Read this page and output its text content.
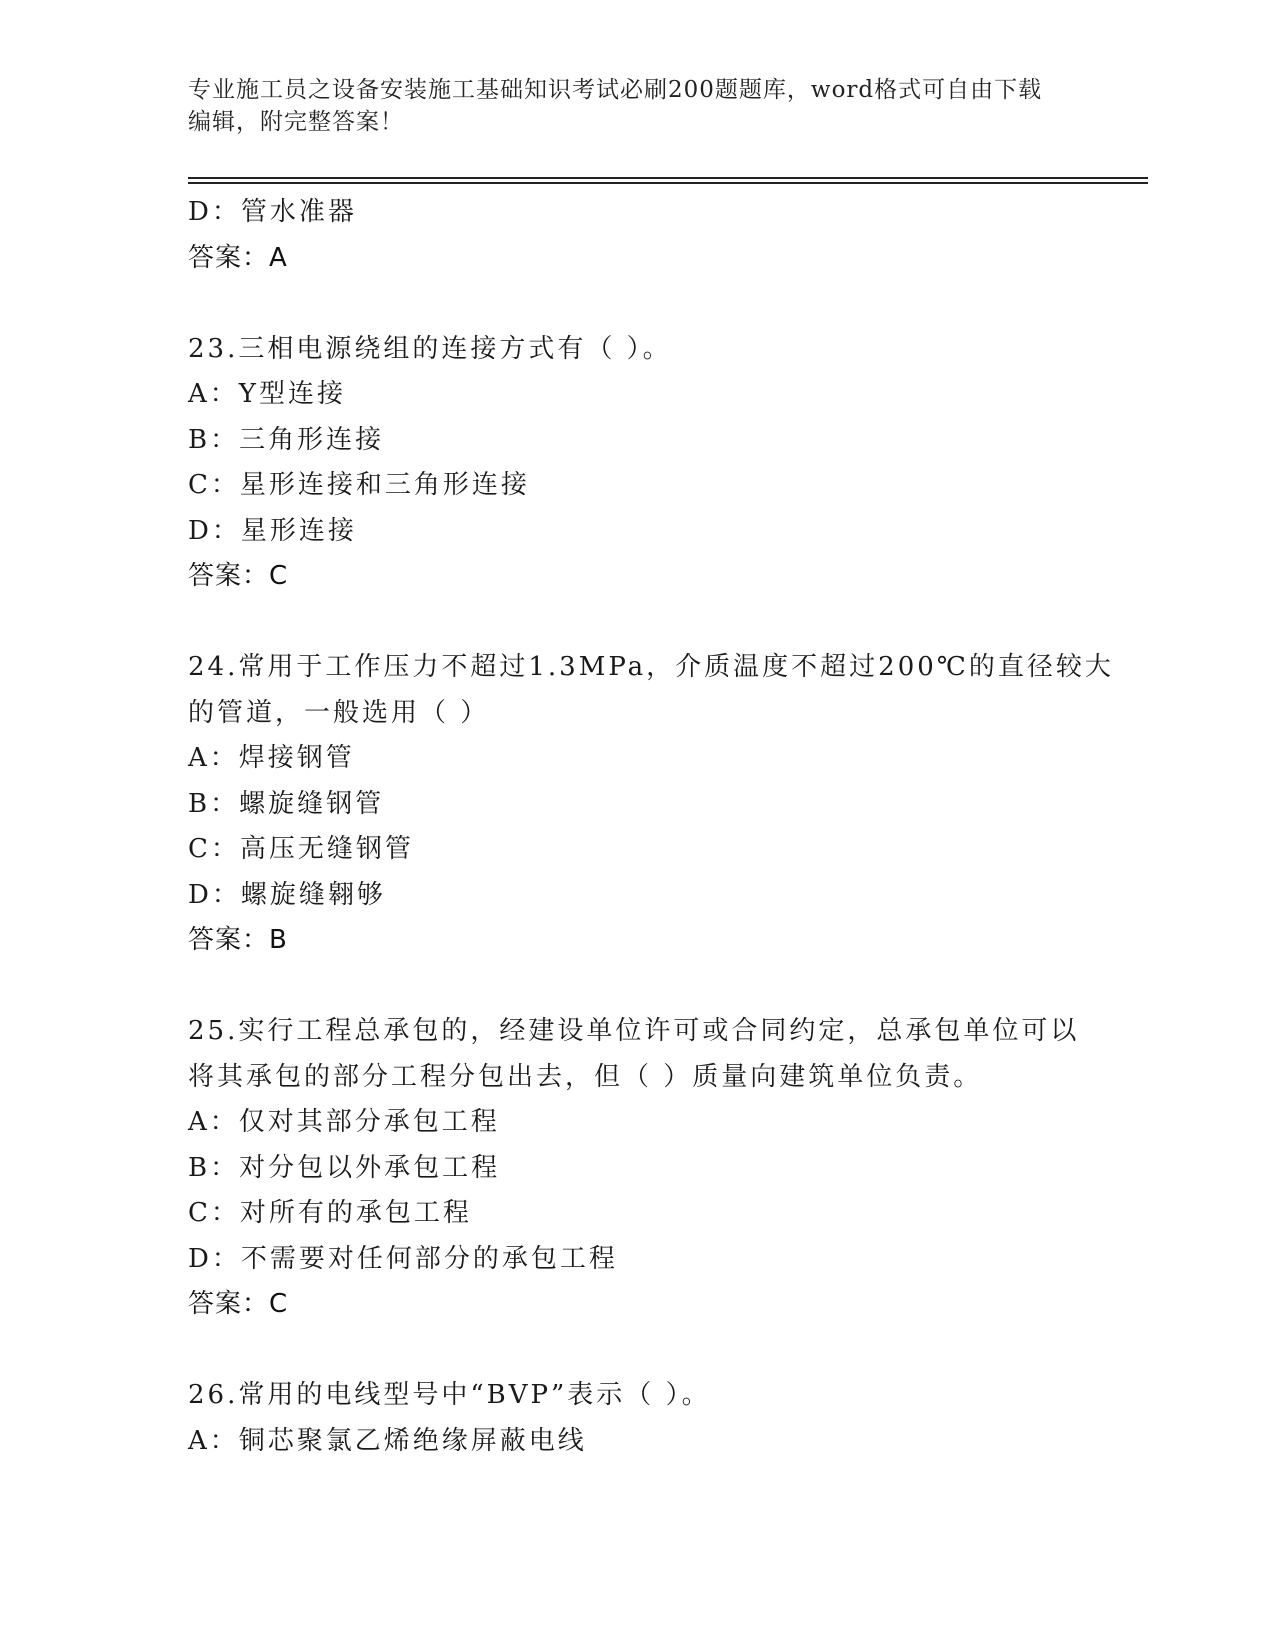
专业施工员之设备安装施工基础知识考试必刷200题题库，word格式可自由下载
编辑，附完整答案！
D：管水准器
答案：A
23.三相电源绕组的连接方式有（ ）。
A：Y型连接
B：三角形连接
C：星形连接和三角形连接
D：星形连接
答案：C
24.常用于工作压力不超过1.3MPa，介质温度不超过200℃的直径较大
的管道，一般选用（ ）
A：焊接钢管
B：螺旋缝钢管
C：高压无缝钢管
D：螺旋缝翱够
答案：B
25.实行工程总承包的，经建设单位许可或合同约定，总承包单位可以
将其承包的部分工程分包出去，但（ ）质量向建筑单位负责。
A：仅对其部分承包工程
B：对分包以外承包工程
C：对所有的承包工程
D：不需要对任何部分的承包工程
答案：C
26.常用的电线型号中“BVP”表示（ ）。
A：铜芯聚氯乙烯绝缘屏蔽电线
